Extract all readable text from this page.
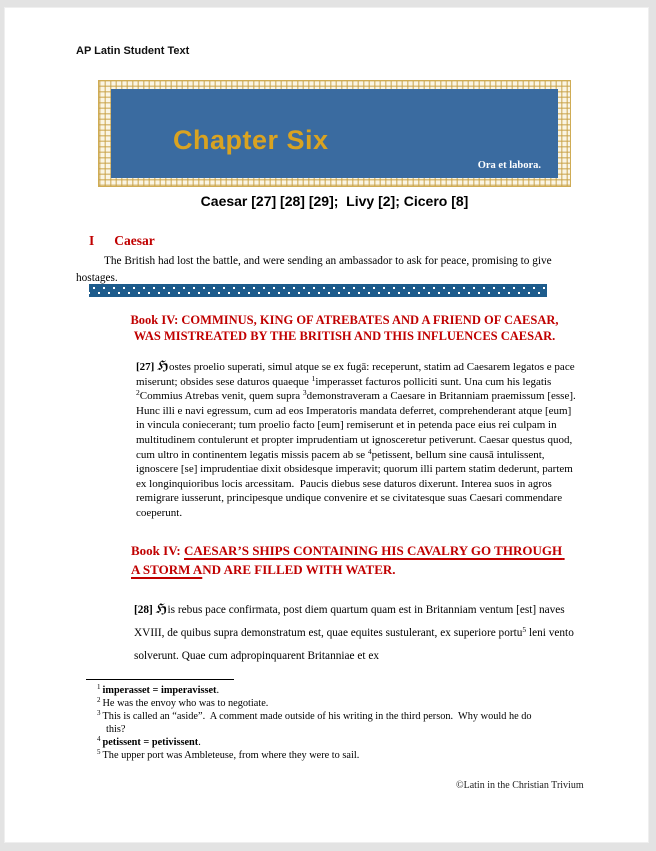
AP Latin Student Text
Chapter Six
Ora et labora.
Caesar [27] [28] [29];  Livy [2]; Cicero [8]
I Caesar
The British had lost the battle, and were sending an ambassador to ask for peace, promising to give hostages.
Book IV: COMMINUS, KING OF ATREBATES AND A FRIEND OF CAESAR,
WAS MISTREATED BY THE BRITISH AND THIS INFLUENCES CAESAR.
[27] ℌostes proelio superati, simul atque se ex fugā: receperunt, statim ad Caesarem legatos e pace miserunt; obsides sese daturos quaeque $^1$imperasset facturos polliciti sunt. Una cum his legatis $^2$Commius Atrebas venit, quem supra $^3$demonstraveram a Caesare in Britanniam praemissum [esse]. Hunc illi e navi egressum, cum ad eos Imperatoris mandata deferret, comprehenderant atque [eum] in vincula coniecerant; tum proelio facto [eum] remiserunt et in petenda pace eius rei culpam in multitudinem contulerunt et propter imprudentiam ut ignosceretur petiverunt. Caesar questus quod, cum ultro in continentem legatis missis pacem ab se $^4$petissent, bellum sine causā intulissent, ignoscere [se] imprudentiae dixit obsidesque imperavit; quorum illi partem statim dederunt, partem ex longinquioribus locis arcessitam.  Paucis diebus sese daturos dixerunt. Interea suos in agros remigrare iusserunt, principesque undique convenire et se civitatesque suas Caesari commendare coeperunt.
Book IV: CAESAR’S SHIPS CONTAINING HIS CAVALRY GO THROUGH A STORM AND ARE FILLED WITH WATER.
[28] ℌis rebus pace confirmata, post diem quartum quam est in Britanniam ventum [est] naves XVIII, de quibus supra demonstratum est, quae equites sustulerant, ex superiore portu$^5$ leni vento solverunt. Quae cum adpropinquarent Britanniae et ex
$^1$ imperasset = imperavisset.
$^2$ He was the envoy who was to negotiate.
$^3$ This is called an “aside”.  A comment made outside of his writing in the third person.  Why would he do
this?
$^4$ petissent = petivissent.
$^5$ The upper port was Ambleteuse, from where they were to sail.
©Latin in the Christian Trivium
